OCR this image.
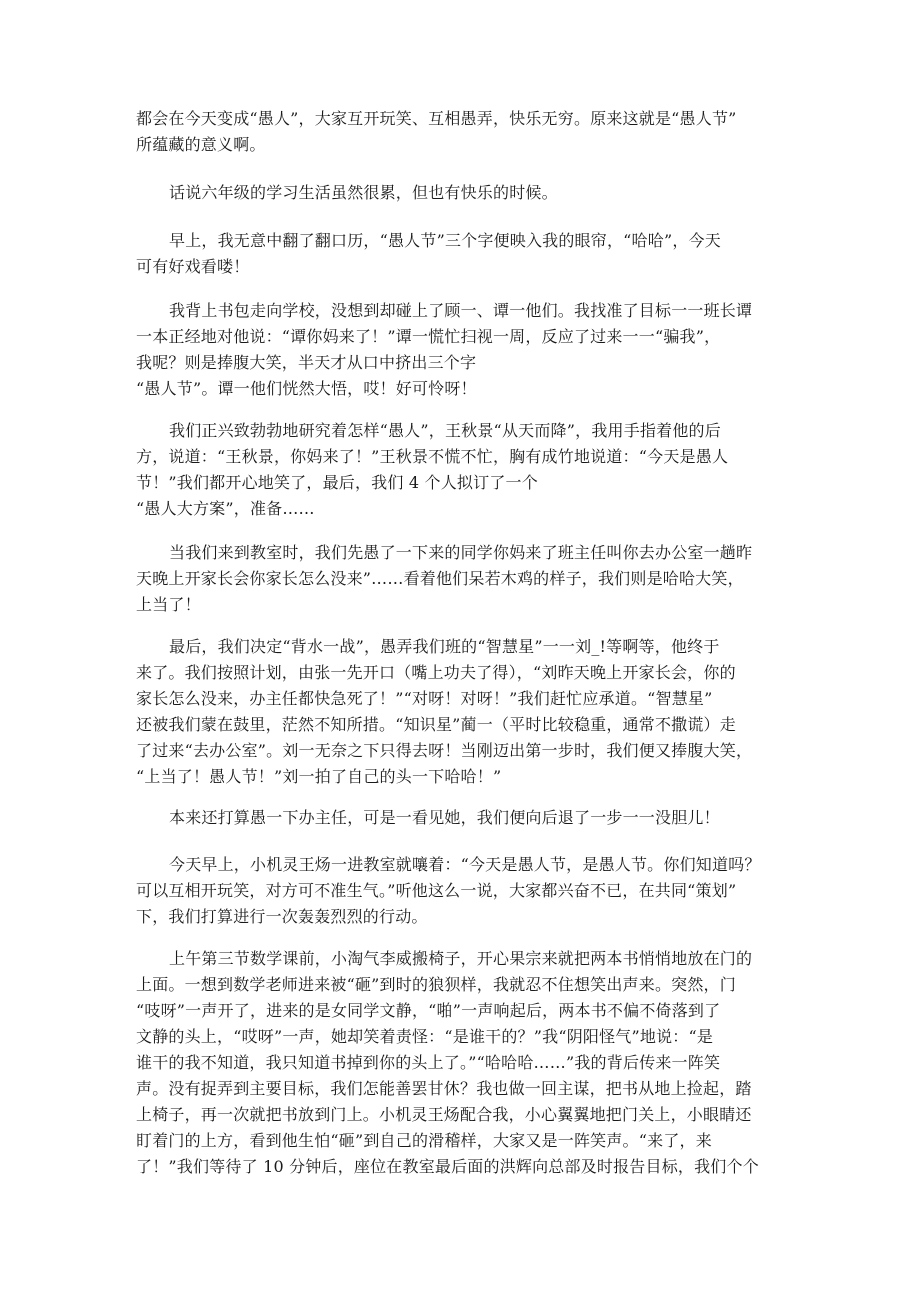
都会在今天变成“愚人”，大家互开玩笑、互相愚弄，快乐无穷。原来这就是“愚人节”
所蕴藏的意义啊。
话说六年级的学习生活虽然很累，但也有快乐的时候。
早上，我无意中翻了翻口历，“愚人节”三个字便映入我的眼帘，“哈哈”，今天
可有好戏看喽！
我背上书包走向学校，没想到却碰上了顾一、谭一他们。我找准了目标一一班长谭
一本正经地对他说：“谭你妈来了！”谭一慌忙扫视一周，反应了过来一一“骗我”，
我呢？则是捧腹大笑，半天才从口中挤出三个字
“愚人节”。谭一他们恍然大悟，哎！好可怜呀！
我们正兴致勃勃地研究着怎样“愚人”，王秋景“从天而降”，我用手指着他的后
方，说道：“王秋景，你妈来了！”王秋景不慌不忙，胸有成竹地说道：“今天是愚人
节！”我们都开心地笑了，最后，我们 4 个人拟订了一个
“愚人大方案”，准备……
当我们来到教室时，我们先愚了一下来的同学你妈来了班主任叫你去办公室一趟昨
天晚上开家长会你家长怎么没来”……看着他们呆若木鸡的样子，我们则是哈哈大笑，
上当了！
最后，我们决定“背水一战”，愚弄我们班的“智慧星”一一刘_!等啊等，他终于
来了。我们按照计划，由张一先开口（嘴上功夫了得），“刘昨天晚上开家长会，你的
家长怎么没来，办主任都快急死了！”“对呀！对呀！”我们赶忙应承道。“智慧星”
还被我们蒙在鼓里，茫然不知所措。“知识星”蔺一（平时比较稳重，通常不撒谎）走
了过来“去办公室”。刘一无奈之下只得去呀！当刚迈出第一步时，我们便又捧腹大笑，
“上当了！愚人节！”刘一拍了自己的头一下哈哈！”
本来还打算愚一下办主任，可是一看见她，我们便向后退了一步一一没胆儿！
今天早上，小机灵王炀一进教室就嚷着：“今天是愚人节，是愚人节。你们知道吗？
可以互相开玩笑，对方可不准生气。”听他这么一说，大家都兴奋不已，在共同“策划”
下，我们打算进行一次轰轰烈烈的行动。
上午第三节数学课前，小淘气李威搬椅子，开心果宗来就把两本书悄悄地放在门的
上面。一想到数学老师进来被“砸”到时的狼狈样，我就忍不住想笑出声来。突然，门
“吱呀”一声开了，进来的是女同学文静，“啪”一声响起后，两本书不偏不倚落到了
文静的头上，“哎呀”一声，她却笑着责怪：“是谁干的？”我“阴阳怪气”地说：“是
谁干的我不知道，我只知道书掉到你的头上了。”“哈哈哈……”我的背后传来一阵笑
声。没有捉弄到主要目标，我们怎能善罢甘休？我也做一回主谋，把书从地上捡起，踏
上椅子，再一次就把书放到门上。小机灵王炀配合我，小心翼翼地把门关上，小眼睛还
盯着门的上方，看到他生怕“砸”到自己的滑稽样，大家又是一阵笑声。“来了，来
了！”我们等待了 10 分钟后，座位在教室最后面的洪辉向总部及时报告目标，我们个个
